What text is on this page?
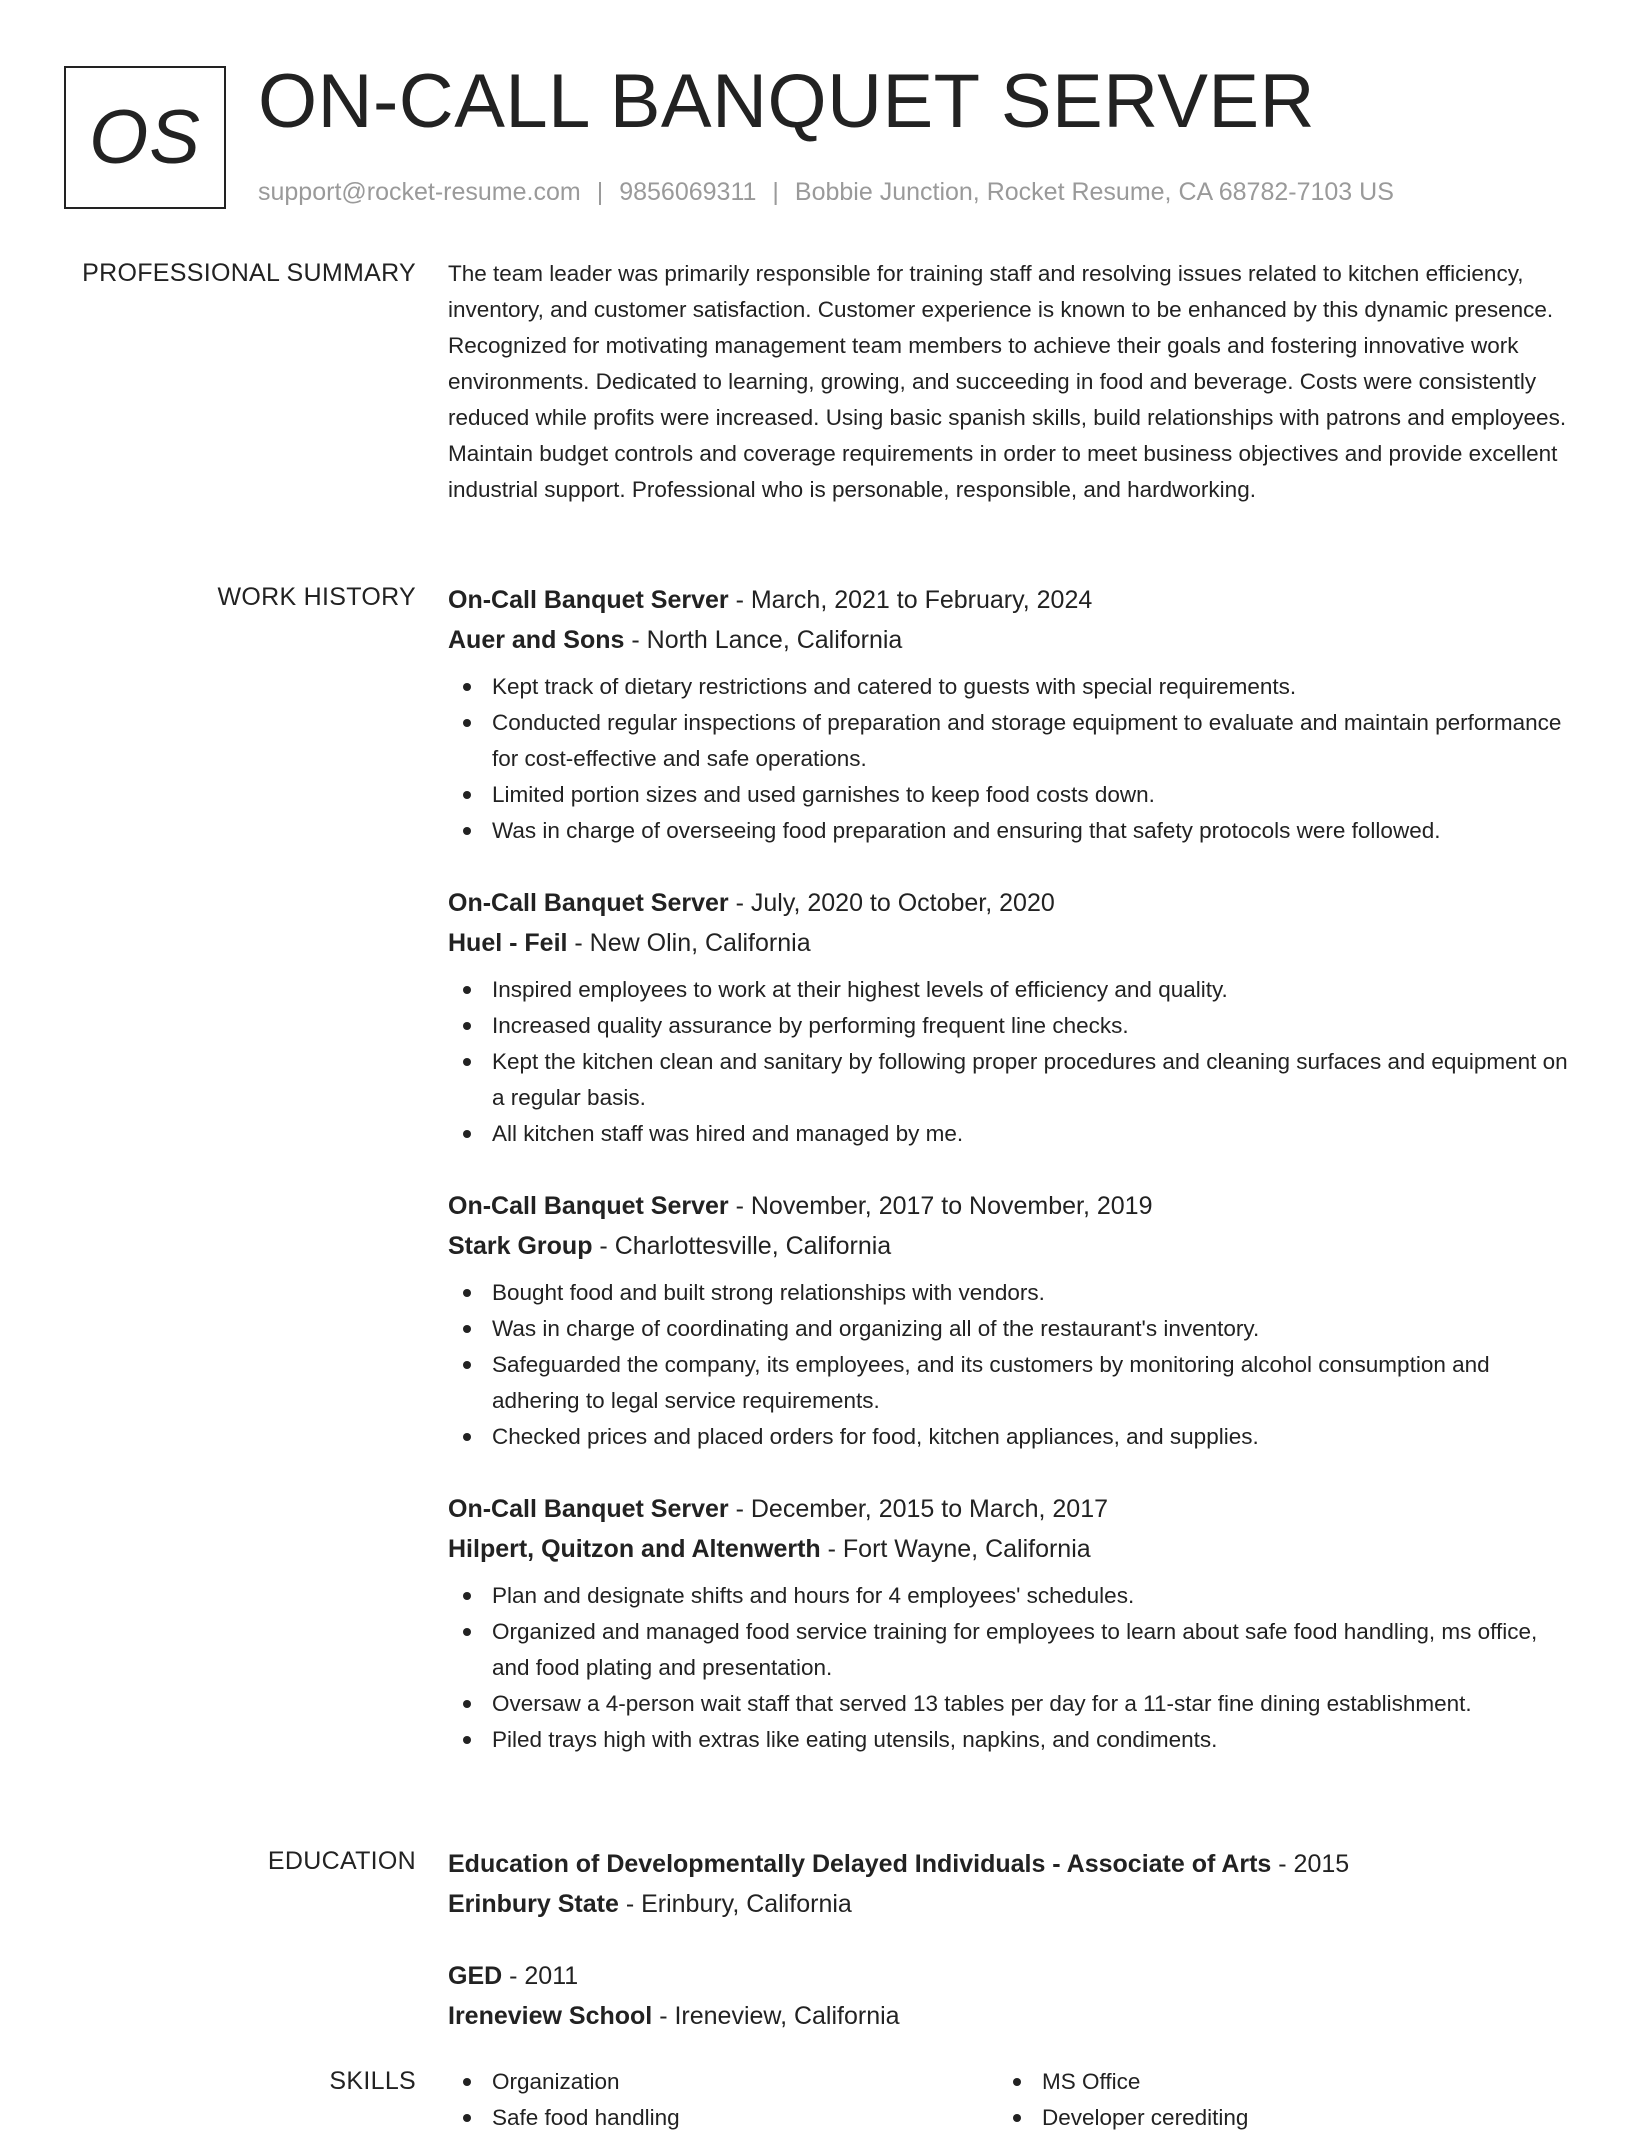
OS ON-CALL BANQUET SERVER
support@rocket-resume.com | 9856069311 | Bobbie Junction, Rocket Resume, CA 68782-7103 US
PROFESSIONAL SUMMARY The team leader was primarily responsible for training staff and resolving issues related to kitchen efficiency, inventory, and customer satisfaction. Customer experience is known to be enhanced by this dynamic presence. Recognized for motivating management team members to achieve their goals and fostering innovative work environments. Dedicated to learning, growing, and succeeding in food and beverage. Costs were consistently reduced while profits were increased. Using basic spanish skills, build relationships with patrons and employees. Maintain budget controls and coverage requirements in order to meet business objectives and provide excellent industrial support. Professional who is personable, responsible, and hardworking.

WORK HISTORY On-Call Banquet Server - March, 2021 to February, 2024
Auer and Sons - North Lance, California
Kept track of dietary restrictions and catered to guests with special requirements.
Conducted regular inspections of preparation and storage equipment to evaluate and maintain performance for cost-effective and safe operations.
Limited portion sizes and used garnishes to keep food costs down.
Was in charge of overseeing food preparation and ensuring that safety protocols were followed.
On-Call Banquet Server - July, 2020 to October, 2020
Huel - Feil - New Olin, California
Inspired employees to work at their highest levels of efficiency and quality.
Increased quality assurance by performing frequent line checks.
Kept the kitchen clean and sanitary by following proper procedures and cleaning surfaces and equipment on a regular basis.
All kitchen staff was hired and managed by me.
On-Call Banquet Server - November, 2017 to November, 2019
Stark Group - Charlottesville, California
Bought food and built strong relationships with vendors.
Was in charge of coordinating and organizing all of the restaurant's inventory.
Safeguarded the company, its employees, and its customers by monitoring alcohol consumption and adhering to legal service requirements.
Checked prices and placed orders for food, kitchen appliances, and supplies.
On-Call Banquet Server - December, 2015 to March, 2017
Hilpert, Quitzon and Altenwerth - Fort Wayne, California
Plan and designate shifts and hours for 4 employees' schedules.
Organized and managed food service training for employees to learn about safe food handling, ms office, and food plating and presentation.
Oversaw a 4-person wait staff that served 13 tables per day for a 11-star fine dining establishment.
Piled trays high with extras like eating utensils, napkins, and condiments.
EDUCATION Education of Developmentally Delayed Individuals - Associate of Arts - 2015
Erinbury State - Erinbury, California
GED - 2011
Ireneview School - Ireneview, California
SKILLS	Organization
Safe food handling
MS Office
Developer cerediting
